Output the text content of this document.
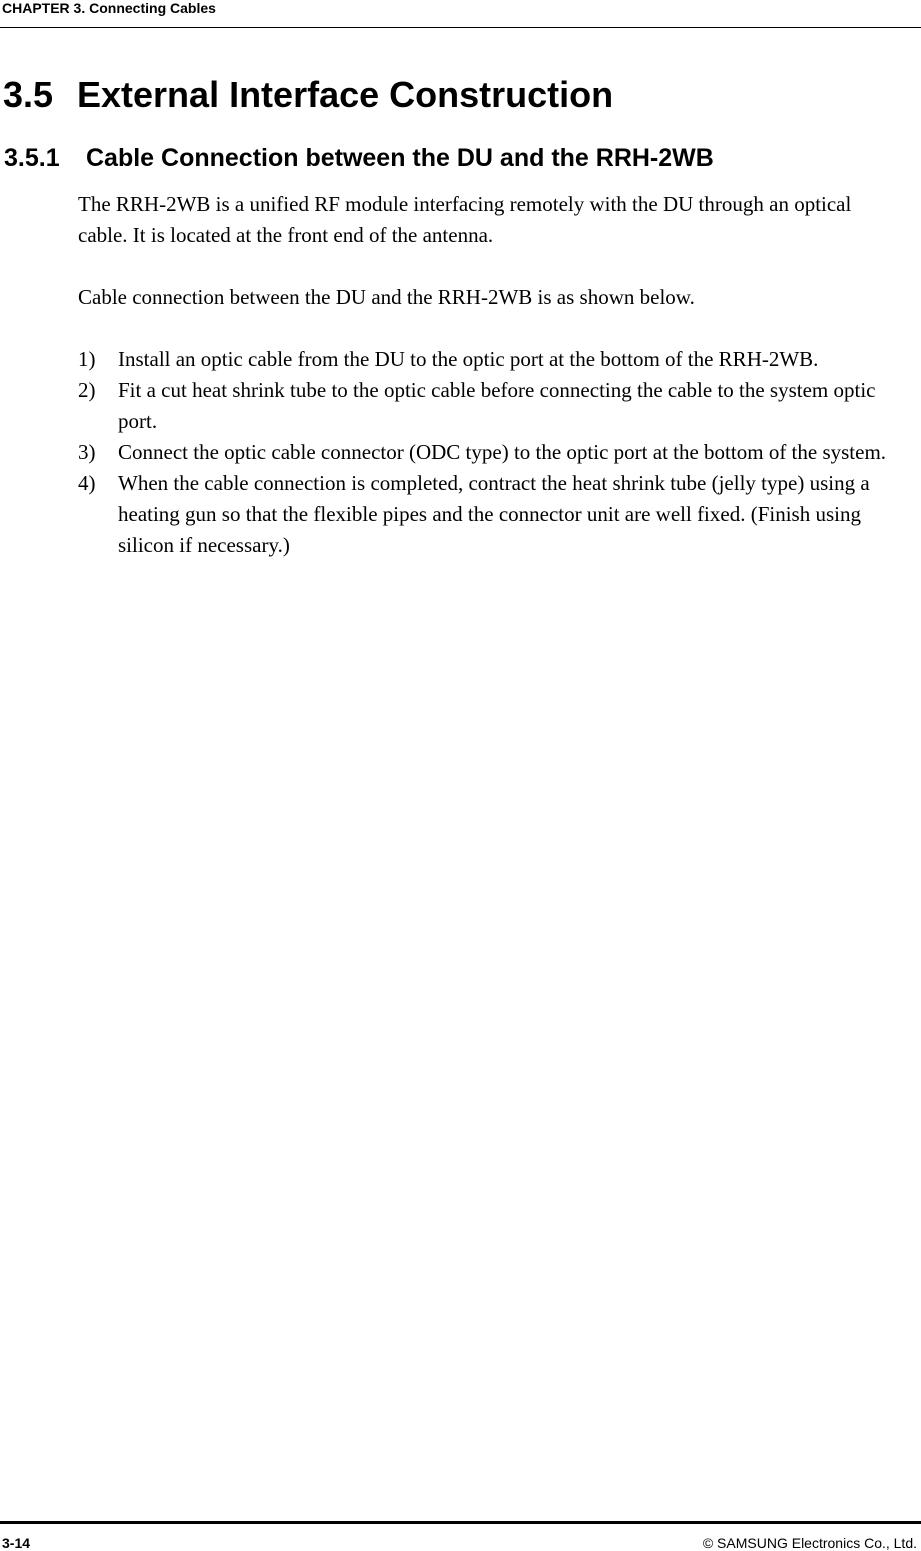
CHAPTER 3. Connecting Cables
3.5 External Interface Construction
3.5.1 Cable Connection between the DU and the RRH-2WB

The RRH-2WB is a unified RF module interfacing remotely with the DU through an optical cable. It is located at the front end of the antenna.

Cable connection between the DU and the RRH-2WB is as shown below.

1)	Install an optic cable from the DU to the optic port at the bottom of the RRH-2WB.
2)	Fit a cut heat shrink tube to the optic cable before connecting the cable to the system optic port.
3)	Connect the optic cable connector (ODC type) to the optic port at the bottom of the system.
4)	When the cable connection is completed, contract the heat shrink tube (jelly type) using a heating gun so that the flexible pipes and the connector unit are well fixed. (Finish using silicon if necessary.)
3-14	© SAMSUNG Electronics Co., Ltd.
